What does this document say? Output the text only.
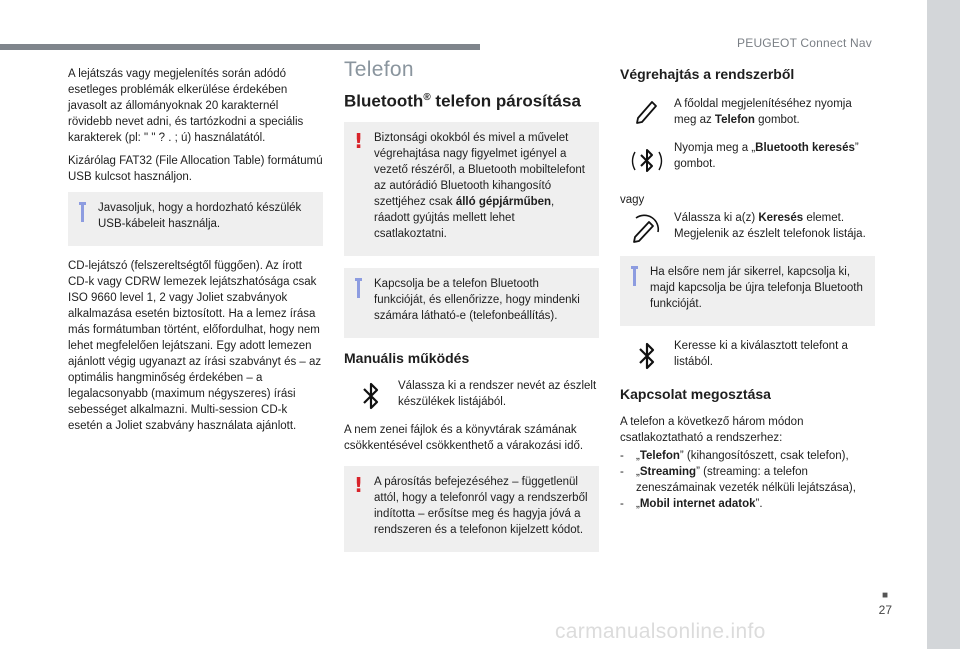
PEUGEOT Connect Nav

A lejátszás vagy megjelenítés során adódó esetleges problémák elkerülése érdekében javasolt az állományoknak 20 karakternél rövidebb nevet adni, és tartózkodni a speciális karakterek (pl: " " ? . ; ú) használatától.

Kizárólag FAT32 (File Allocation Table) formátumú USB kulcsot használjon.

Javasoljuk, hogy a hordozható készülék USB-kábeleit használja.

CD-lejátszó (felszereltségtől függően). Az írott CD-k vagy CDRW lemezek lejátszhatósága csak ISO 9660 level 1, 2 vagy Joliet szabványok alkalmazása esetén biztosított. Ha a lemez írása más formátumban történt, előfordulhat, hogy nem lehet megfelelően lejátszani. Egy adott lemezen ajánlott végig ugyanazt az írási szabványt és – az optimális hangminőség érdekében – a legalacsonyabb (maximum négyszeres) írási sebességet alkalmazni. Multi-session CD-k esetén a Joliet szabvány használata ajánlott.

Telefon
Bluetooth® telefon párosítása
! Biztonsági okokból és mivel a művelet végrehajtása nagy figyelmet igényel a vezető részéről, a Bluetooth mobiltelefont az autórádió Bluetooth kihangosító szettjéhez csak álló gépjárműben, ráadott gyújtás mellett lehet csatlakoztatni.
Kapcsolja be a telefon Bluetooth funkcióját, és ellenőrizze, hogy mindenki számára látható-e (telefonbeállítás).
Manuális működés
Válassza ki a rendszer nevét az észlelt készülékek listájából.

A nem zenei fájlok és a könyvtárak számának csökkentésével csökkenthető a várakozási idő.

! A párosítás befejezéséhez – függetlenül attól, hogy a telefonról vagy a rendszerből indította – erősítse meg és hagyja jóvá a rendszeren és a telefonon kijelzett kódot.
Végrehajtás a rendszerből
A főoldal megjelenítéséhez nyomja meg az Telefon gombot.
Nyomja meg a „Bluetooth keresés” gombot.

vagy

Válassza ki a(z) Keresés elemet. Megjelenik az észlelt telefonok listája.
Ha elsőre nem jár sikerrel, kapcsolja ki, majd kapcsolja be újra telefonja Bluetooth funkcióját.
Keresse ki a kiválasztott telefont a listából.
Kapcsolat megosztása

A telefon a következő három módon csatlakoztatható a rendszerhez:

-	„Telefon” (kihangosítószett, csak telefon),
-	„Streaming” (streaming: a telefon zeneszámainak vezeték nélküli lejátszása),
-	„Mobil internet adatok”.
■
27
carmanualsonline.info
